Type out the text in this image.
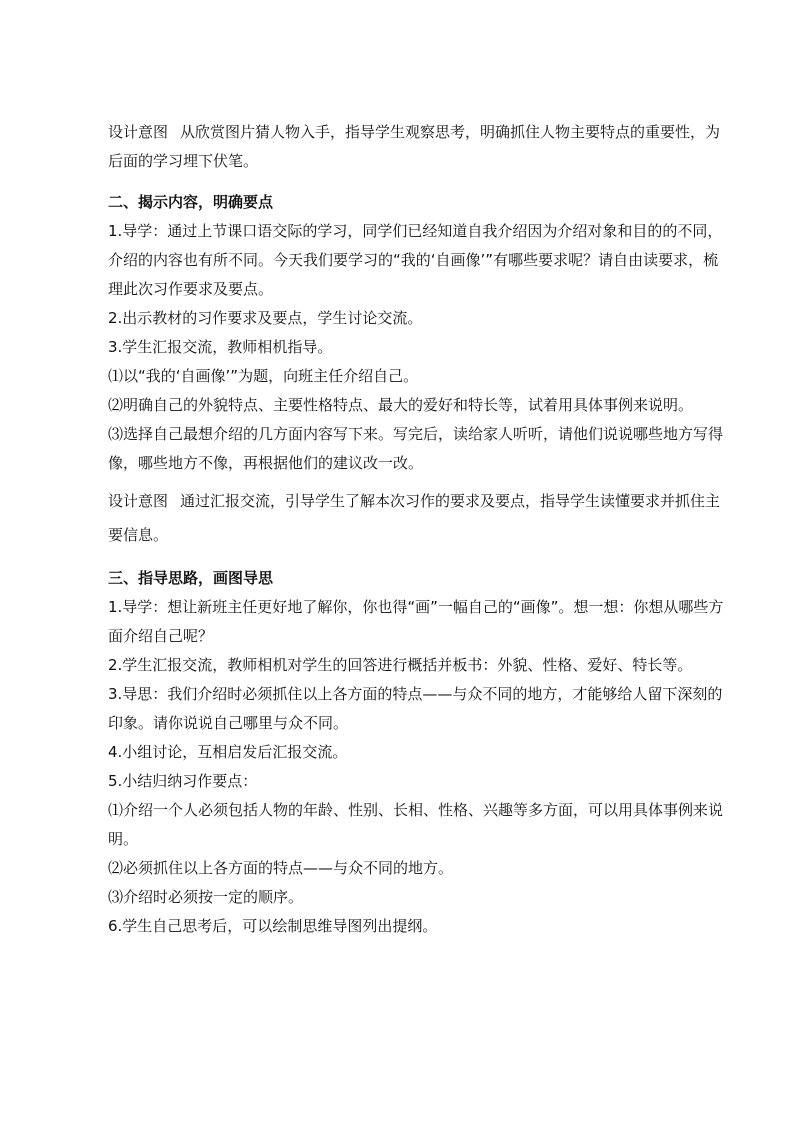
设计意图 从欣赏图片猜人物入手，指导学生观察思考，明确抓住人物主要特点的重要性，为后面的学习埋下伏笔。

二、揭示内容，明确要点

1.导学：通过上节课口语交际的学习，同学们已经知道自我介绍因为介绍对象和目的的不同，介绍的内容也有所不同。今天我们要学习的“我的‘自画像’”有哪些要求呢？请自由读要求，梳理此次习作要求及要点。

2.出示教材的习作要求及要点，学生讨论交流。

3.学生汇报交流，教师相机指导。

⑴以“我的‘自画像’”为题，向班主任介绍自己。

⑵明确自己的外貌特点、主要性格特点、最大的爱好和特长等，试着用具体事例来说明。

⑶选择自己最想介绍的几方面内容写下来。写完后，读给家人听听，请他们说说哪些地方写得像，哪些地方不像，再根据他们的建议改一改。

设计意图 通过汇报交流，引导学生了解本次习作的要求及要点，指导学生读懂要求并抓住主要信息。

三、指导思路，画图导思

1.导学：想让新班主任更好地了解你，你也得“画”一幅自己的“画像”。想一想：你想从哪些方面介绍自己呢？

2.学生汇报交流，教师相机对学生的回答进行概括并板书：外貌、性格、爱好、特长等。

3.导思：我们介绍时必须抓住以上各方面的特点——与众不同的地方，才能够给人留下深刻的印象。请你说说自己哪里与众不同。

4.小组讨论，互相启发后汇报交流。

5.小结归纳习作要点：

⑴介绍一个人必须包括人物的年龄、性别、长相、性格、兴趣等多方面，可以用具体事例来说明。

⑵必须抓住以上各方面的特点——与众不同的地方。

⑶介绍时必须按一定的顺序。

6.学生自己思考后，可以绘制思维导图列出提纲。
